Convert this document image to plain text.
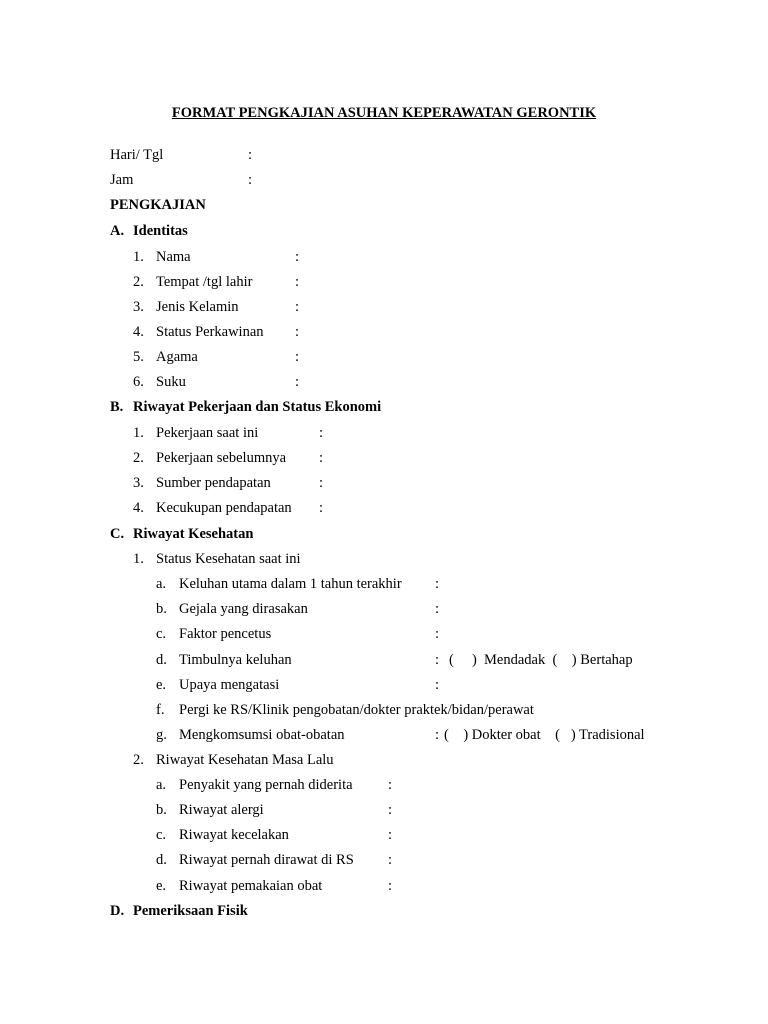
FORMAT PENGKAJIAN ASUHAN KEPERAWATAN GERONTIK
Hari/ Tgl	:
Jam	:
PENGKAJIAN
A. Identitas
1. Nama	:
2. Tempat /tgl lahir	:
3. Jenis Kelamin	:
4. Status Perkawinan :
5. Agama	:
6. Suku	:
B. Riwayat Pekerjaan dan Status Ekonomi
1. Pekerjaan saat ini	:
2. Pekerjaan sebelumnya :
3. Sumber pendapatan	:
4. Kecukupan pendapatan :
C. Riwayat Kesehatan
1. Status Kesehatan saat ini
a. Keluhan utama dalam 1 tahun terakhir :
b. Gejala yang dirasakan	:
c. Faktor pencetus	:
d. Timbulnya keluhan	: (     )  Mendadak  (    ) Bertahap
e. Upaya mengatasi	:
f. Pergi ke RS/Klinik pengobatan/dokter praktek/bidan/perawat
g. Mengkomsumsi obat-obatan	: (    ) Dokter obat    (   ) Tradisional
2. Riwayat Kesehatan Masa Lalu
a. Penyakit yang pernah diderita :
b. Riwayat alergi	:
c. Riwayat kecelakan	:
d. Riwayat pernah dirawat di RS :
e. Riwayat pemakaian obat	:
D. Pemeriksaan Fisik
